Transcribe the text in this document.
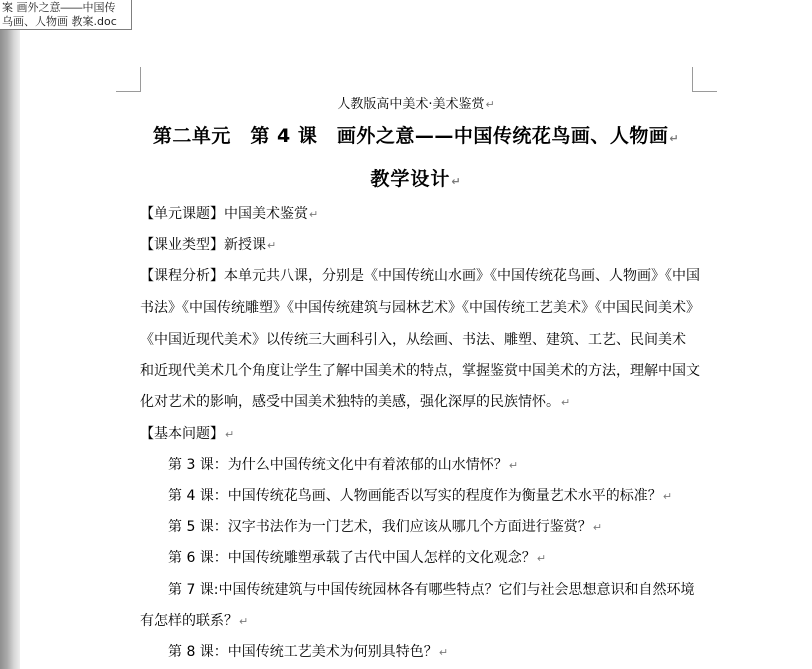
案 画外之意――中国传
乌画、人物画 教案.doc
人教版高中美术·美术鉴赏↵
第二单元　第 4 课　画外之意——中国传统花鸟画、人物画↵
教学设计↵
【单元课题】中国美术鉴赏↵
【课业类型】新授课↵
【课程分析】本单元共八课，分别是《中国传统山水画》《中国传统花鸟画、人物画》《中国
书法》《中国传统雕塑》《中国传统建筑与园林艺术》《中国传统工艺美术》《中国民间美术》
《中国近现代美术》以传统三大画科引入，从绘画、书法、雕塑、建筑、工艺、民间美术
和近现代美术几个角度让学生了解中国美术的特点，掌握鉴赏中国美术的方法，理解中国文
化对艺术的影响，感受中国美术独特的美感，强化深厚的民族情怀。↵
【基本问题】↵
第 3 课：为什么中国传统文化中有着浓郁的山水情怀？↵
第 4 课：中国传统花鸟画、人物画能否以写实的程度作为衡量艺术水平的标准？↵
第 5 课：汉字书法作为一门艺术，我们应该从哪几个方面进行鉴赏？↵
第 6 课：中国传统雕塑承载了古代中国人怎样的文化观念？↵
第 7 课:中国传统建筑与中国传统园林各有哪些特点？它们与社会思想意识和自然环境
有怎样的联系？↵
第 8 课：中国传统工艺美术为何别具特色？↵
